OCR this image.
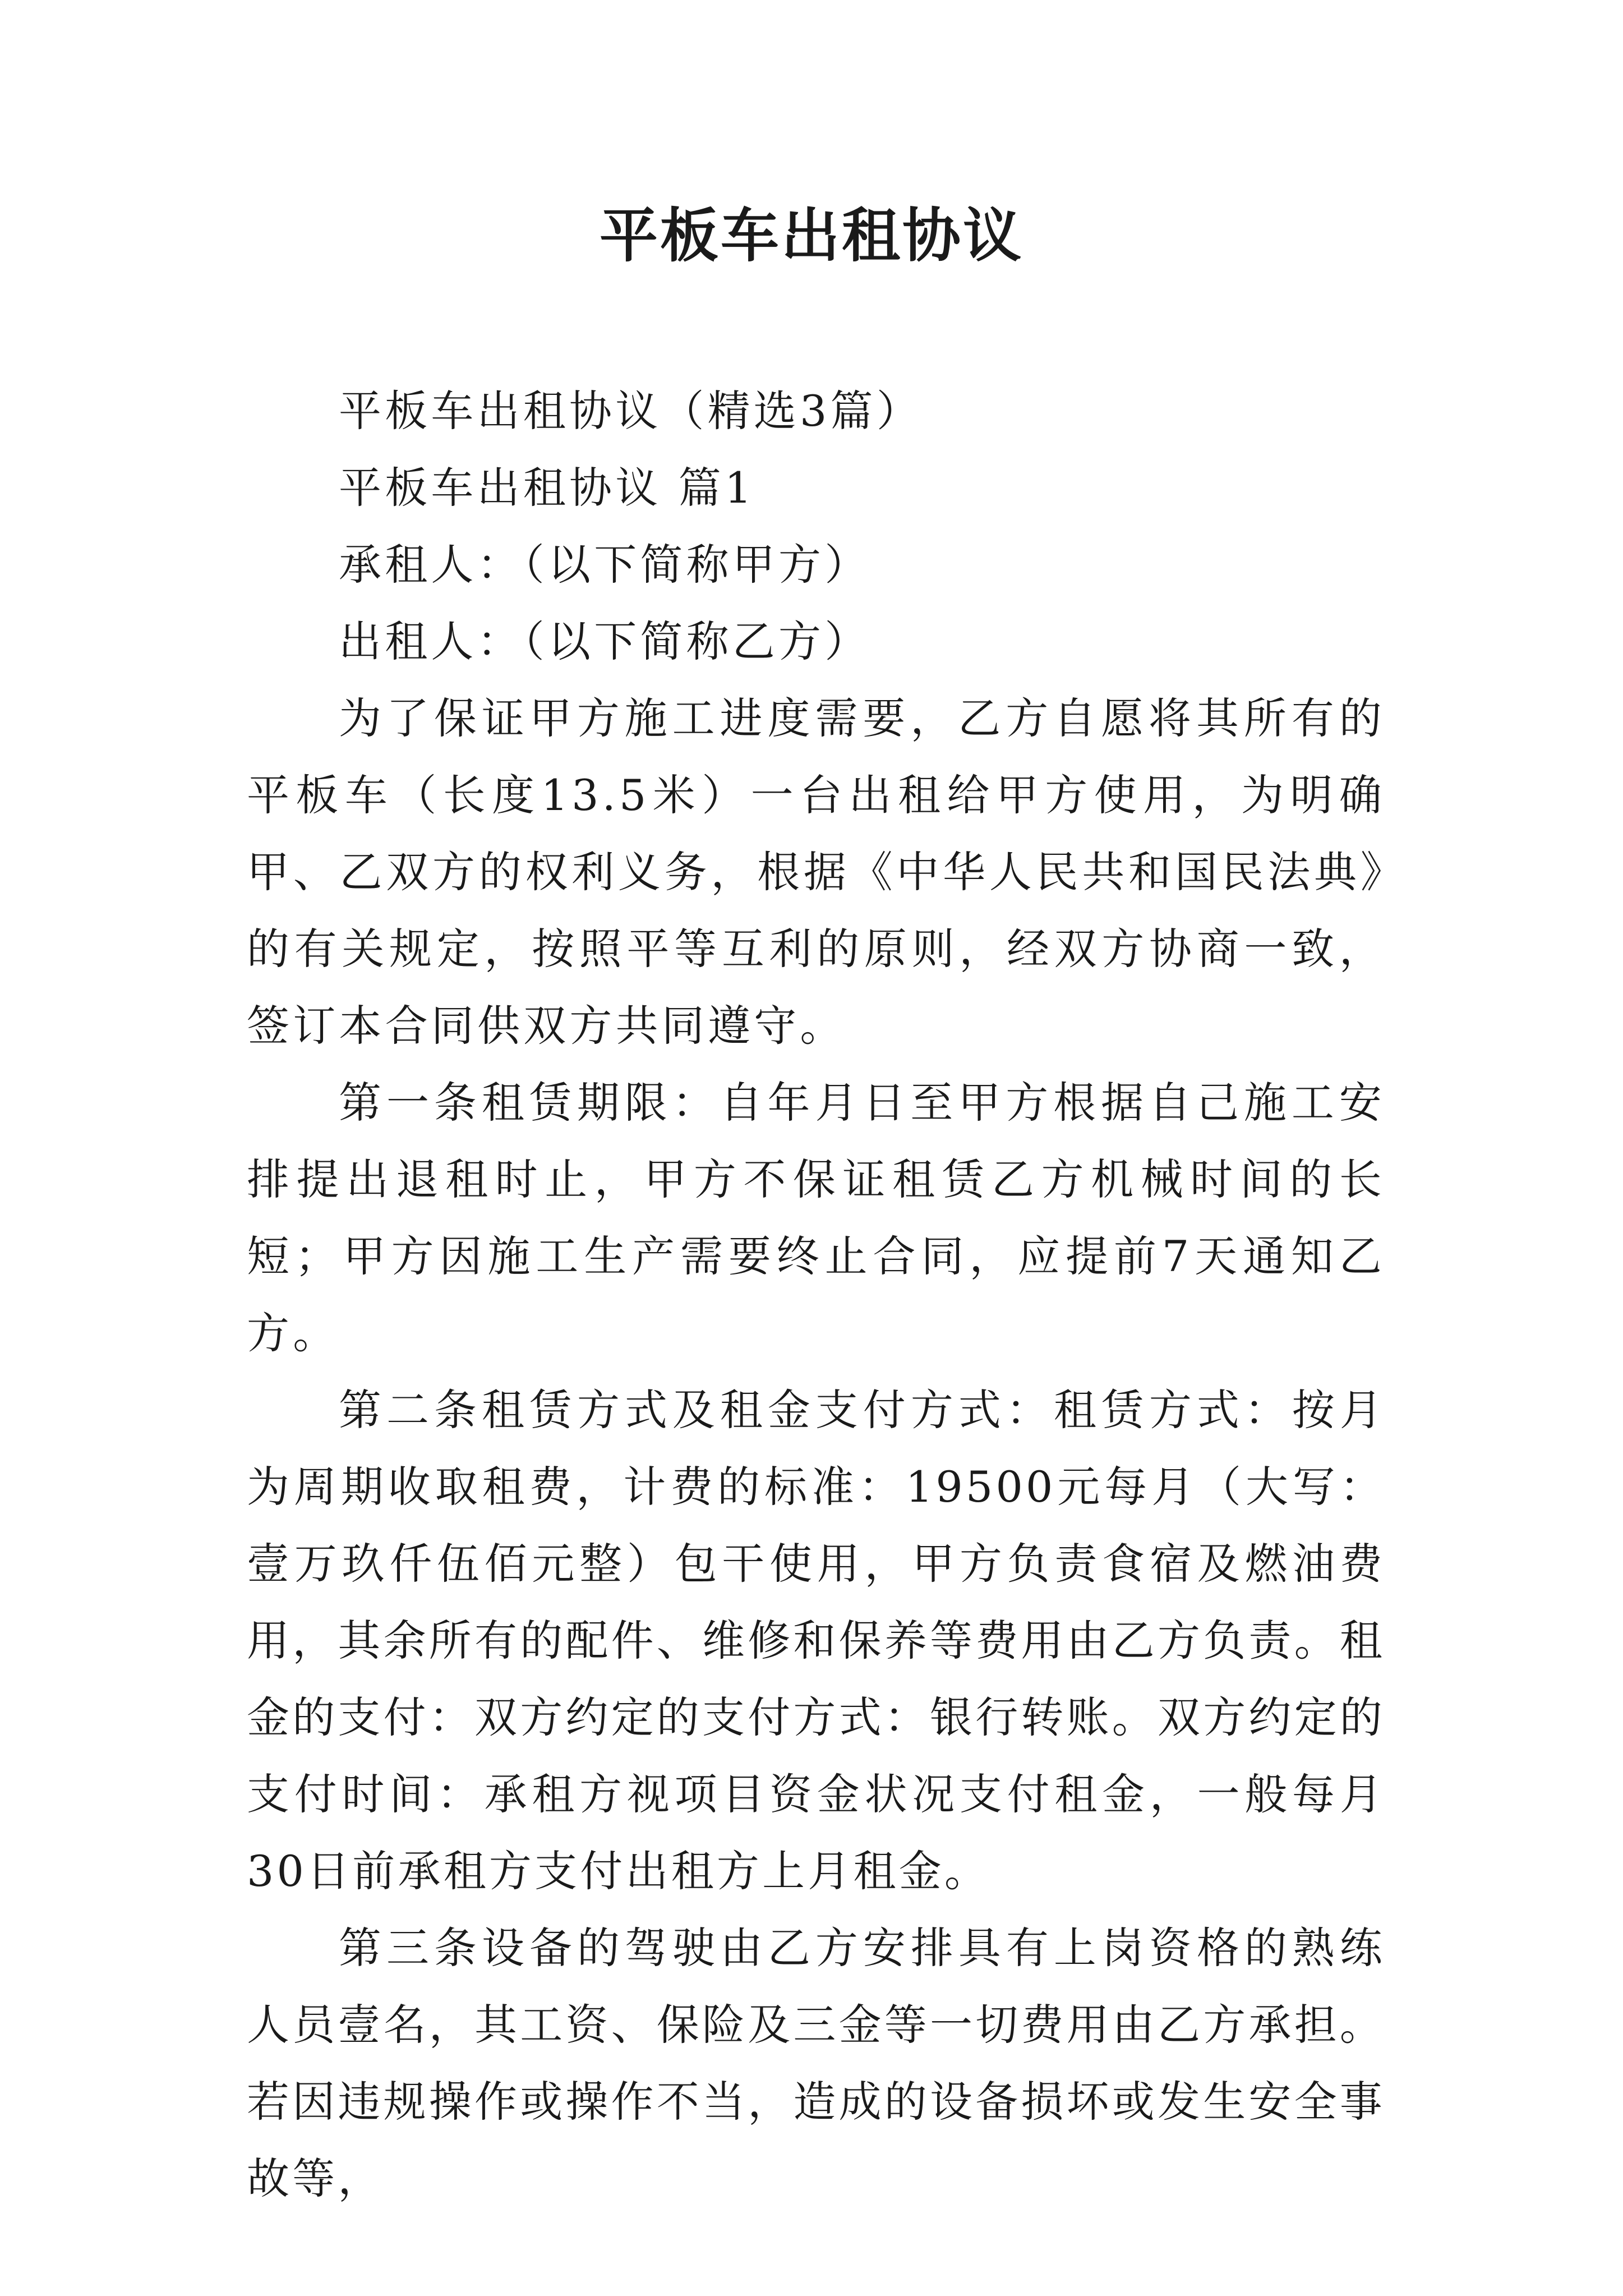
平板车出租协议

平板车出租协议（精选3篇）

平板车出租协议 篇1

承租人：（以下简称甲方）

出租人：（以下简称乙方）

为了保证甲方施工进度需要，乙方自愿将其所有的平板车（长度13.5米）一台出租给甲方使用，为明确甲、乙双方的权利义务，根据《中华人民共和国民法典》的有关规定，按照平等互利的原则，经双方协商一致，签订本合同供双方共同遵守。

第一条租赁期限：自年月日至甲方根据自己施工安排提出退租时止，甲方不保证租赁乙方机械时间的长短；甲方因施工生产需要终止合同，应提前7天通知乙方。

第二条租赁方式及租金支付方式：租赁方式：按月为周期收取租费，计费的标准：19500元每月（大写：壹万玖仟伍佰元整）包干使用，甲方负责食宿及燃油费用，其余所有的配件、维修和保养等费用由乙方负责。租金的支付：双方约定的支付方式：银行转账。双方约定的支付时间：承租方视项目资金状况支付租金，一般每月30日前承租方支付出租方上月租金。

第三条设备的驾驶由乙方安排具有上岗资格的熟练人员壹名，其工资、保险及三金等一切费用由乙方承担。若因违规操作或操作不当，造成的设备损坏或发生安全事故等，
